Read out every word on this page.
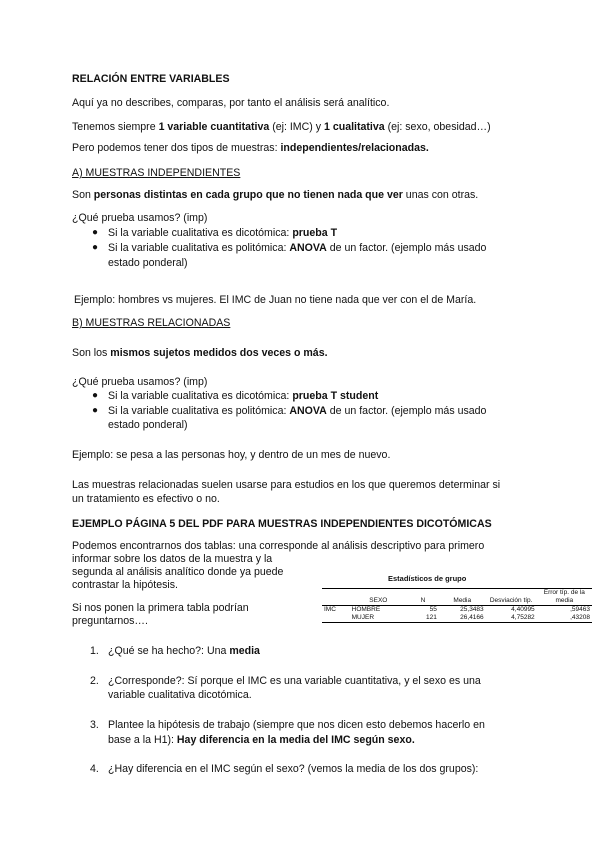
RELACIÓN ENTRE VARIABLES
Aquí ya no describes, comparas, por tanto el análisis será analítico.
Tenemos siempre 1 variable cuantitativa (ej: IMC) y 1 cualitativa (ej: sexo, obesidad…)
Pero podemos tener dos tipos de muestras: independientes/relacionadas.
A) MUESTRAS INDEPENDIENTES
Son personas distintas en cada grupo que no tienen nada que ver unas con otras.
¿Qué prueba usamos? (imp)
● Si la variable cualitativa es dicotómica: prueba T
● Si la variable cualitativa es politómica: ANOVA de un factor. (ejemplo más usado
estado ponderal)
Ejemplo: hombres vs mujeres. El IMC de Juan no tiene nada que ver con el de María.
B) MUESTRAS RELACIONADAS
Son los mismos sujetos medidos dos veces o más.
¿Qué prueba usamos? (imp)
● Si la variable cualitativa es dicotómica: prueba T student
● Si la variable cualitativa es politómica: ANOVA de un factor. (ejemplo más usado
estado ponderal)
Ejemplo: se pesa a las personas hoy, y dentro de un mes de nuevo.
Las muestras relacionadas suelen usarse para estudios en los que queremos determinar si
un tratamiento es efectivo o no.
EJEMPLO PÁGINA 5 DEL PDF PARA MUESTRAS INDEPENDIENTES DICOTÓMICAS
Podemos encontrarnos dos tablas: una corresponde al análisis descriptivo para primero
informar sobre los datos de la muestra y la
segunda al análisis analítico donde ya puede
contrastar la hipótesis.
Si nos ponen la primera tabla podrían
preguntarnos….
Estadísticos de grupo
	SEXO	N	Media	Desviación típ.	Error típ. de la media
IMC	HOMBRE	55	25,3483	4,40995	,59463
	MUJER	121	26,4166	4,75282	,43208
1. ¿Qué se ha hecho?: Una media
2. ¿Corresponde?: Sí porque el IMC es una variable cuantitativa, y el sexo es una
variable cualitativa dicotómica.
3. Plantee la hipótesis de trabajo (siempre que nos dicen esto debemos hacerlo en
base a la H1): Hay diferencia en la media del IMC según sexo.
4. ¿Hay diferencia en el IMC según el sexo? (vemos la media de los dos grupos):
